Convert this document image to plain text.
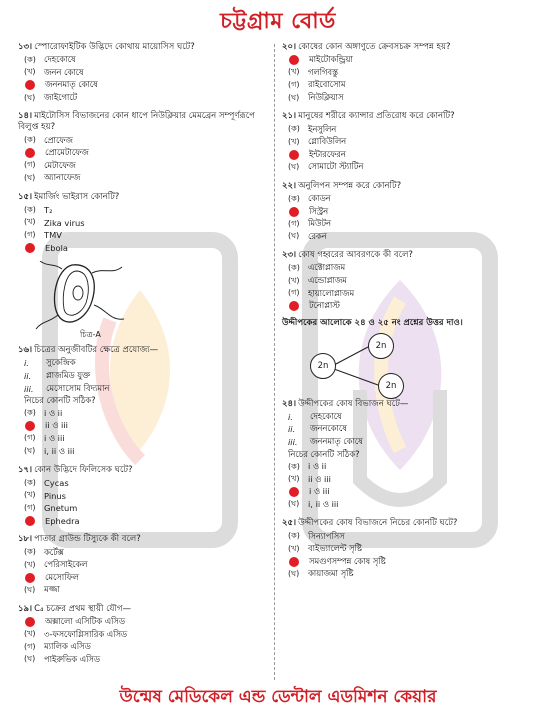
চট্টগ্রাম বোর্ড
১৩। স্পোরোফাইটিক উদ্ভিদে কোথায় মায়োসিস ঘটে?
(ক) দেহকোষে
(খ)	জনন কোষে
জননমাতৃ কোষে
(ঘ)	জাইগোটে
১৪। মাইটোসিস বিভাজনের কোন ধাপে নিউক্লিয়ার মেমব্রেন সম্পূর্ণরূপে বিলুপ্ত হয়?
(ক) প্রোফেজ
প্রোমেটাফেজ
(গ)	মেটাফেজ
(ঘ)	অ্যানাফেজ
১৫। ইমার্জিং ভাইরাস কোনটি?
(ক) T₂
(খ)	Zika virus
(গ)	TMV
Ebola
চিত্র-A
১৬। চিত্রের অনুজীবটির ক্ষেত্রে প্রযোজ্য—
i.	সুকেন্দ্রিক
ii.	প্লাজমিড যুক্ত
iii.	মেসোসোম বিদ্যমান
নিচের কোনটি সঠিক?
(ক) i ও ii
ii ও iii
(গ)	i ও iii
(ঘ)	i, ii ও iii
১৭। কোন উদ্ভিদে ফিলিসেক ঘটে?
(ক) Cycas
(খ)	Pinus
(গ)	Gnetum
Ephedra
১৮। পাতার গ্রাউন্ড টিস্যুকে কী বলে?
(ক) কর্টেক্স
(খ)	পেরিসাইকেল
মেসোফিল
(ঘ)	মজ্জা
১৯। C₄ চক্রের প্রথম স্থায়ী যৌগ—
অক্সালো এসিটিক এসিড
(খ)	৩-ফসফোগ্লিসারিক এসিড
(গ)	ম্যালিক এসিড
(ঘ)	পাইরুভিক এসিড
২০। কোষের কোন অঙ্গাণুতে ক্রেবসচক্র সম্পন্ন হয়?
মাইটোকন্ড্রিয়া
(খ)	গলগিবস্তু
(গ)	রাইবোসোম
(ঘ)	নিউক্লিয়াস
২১। মানুষের শরীরে ক্যান্সার প্রতিরোধ করে কোনটি?
(ক) ইনসুলিন
(খ)	গ্লোবিউলিন
ইন্টারফেরন
(ঘ)	সোমাটো স্ট্যাটিন
২২। অনুলিপন সম্পন্ন করে কোনটি?
(ক) কোডন
সিস্ট্রন
(গ)	মিউটন
(ঘ)	রেকন
২৩। কোষ গহ্বরের আবরণকে কী বলে?
(ক) এক্টোপ্লাজম
(খ)	এন্ডোপ্লাজম
(গ)	হায়ালোপ্লাজম
টনোপ্লাস্ট
উদ্দীপকের আলোকে ২৪ ও ২৫ নং প্রশ্নের উত্তর দাও।
2n
2n
2n
২৪। উদ্দীপকের কোষ বিভাজন ঘটে—
i.	দেহকোষে
ii.	জননকোষে
iii.	জননমাতৃ কোষে
নিচের কোনটি সঠিক?
(ক) i ও ii
(খ)	ii ও iii
i ও iii
(ঘ)	i, ii ও iii
২৫। উদ্দীপকের কোষ বিভাজনে নিচের কোনটি ঘটে?
(ক) সিন্যাপসিস
(খ)	বাইভ্যালেন্ট সৃষ্টি
সমগুণসম্পন্ন কোষ সৃষ্টি
(ঘ)	কায়াজমা সৃষ্টি
উন্মেষ মেডিকেল এন্ড ডেন্টাল এডমিশন কেয়ার
